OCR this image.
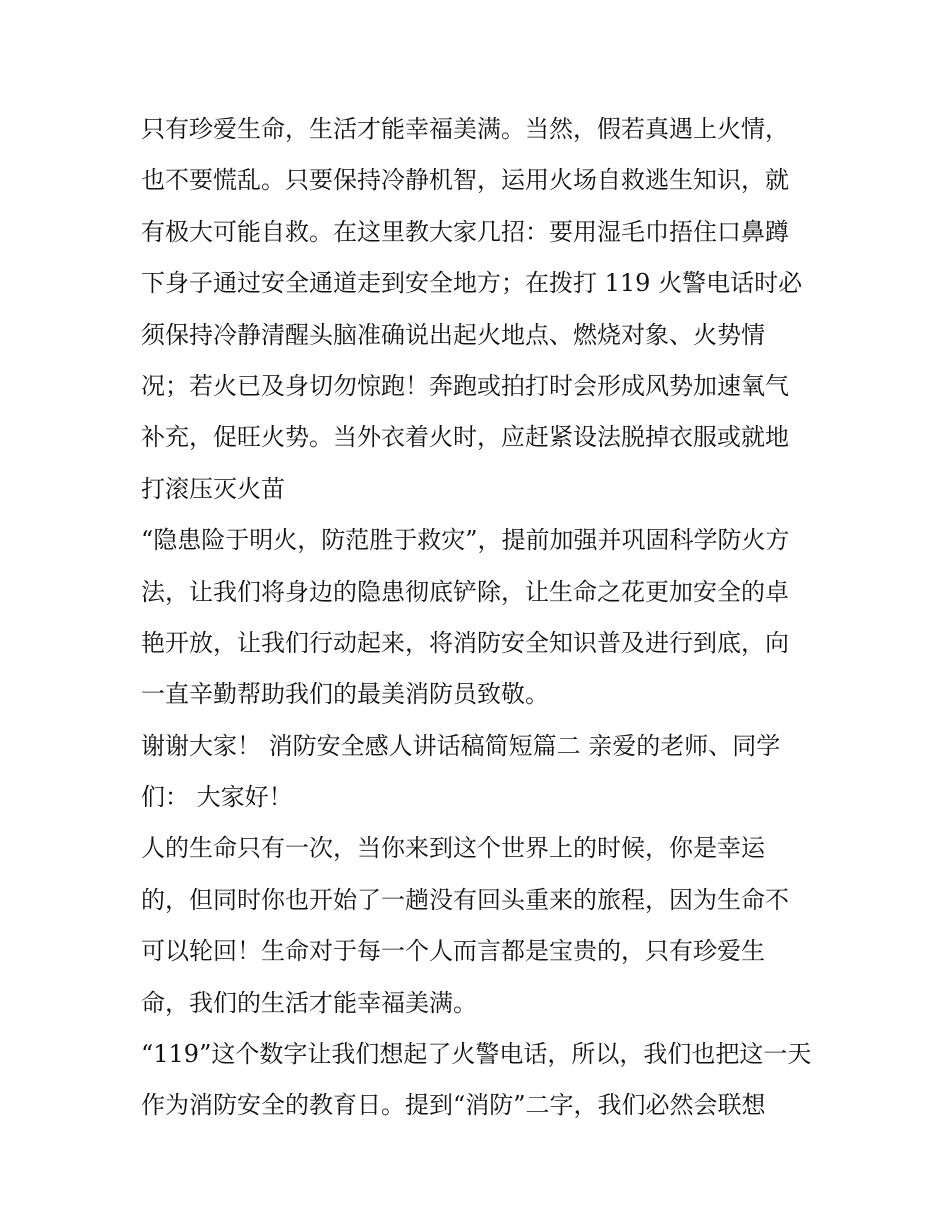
只有珍爱生命，生活才能幸福美满。当然，假若真遇上火情，
也不要慌乱。只要保持冷静机智，运用火场自救逃生知识，就
有极大可能自救。在这里教大家几招：要用湿毛巾捂住口鼻蹲
下身子通过安全通道走到安全地方；在拨打 119 火警电话时必
须保持冷静清醒头脑准确说出起火地点、燃烧对象、火势情
况；若火已及身切勿惊跑！奔跑或拍打时会形成风势加速氧气
补充，促旺火势。当外衣着火时，应赶紧设法脱掉衣服或就地
打滚压灭火苗

“隐患险于明火，防范胜于救灾”，提前加强并巩固科学防火方
法，让我们将身边的隐患彻底铲除，让生命之花更加安全的卓
艳开放，让我们行动起来，将消防安全知识普及进行到底，向
一直辛勤帮助我们的最美消防员致敬。

谢谢大家！ 消防安全感人讲话稿简短篇二 亲爱的老师、同学
们： 大家好！

人的生命只有一次，当你来到这个世界上的时候，你是幸运
的，但同时你也开始了一趟没有回头重来的旅程，因为生命不
可以轮回！生命对于每一个人而言都是宝贵的，只有珍爱生
命，我们的生活才能幸福美满。

“119”这个数字让我们想起了火警电话，所以，我们也把这一天
作为消防安全的教育日。提到“消防”二字，我们必然会联想
